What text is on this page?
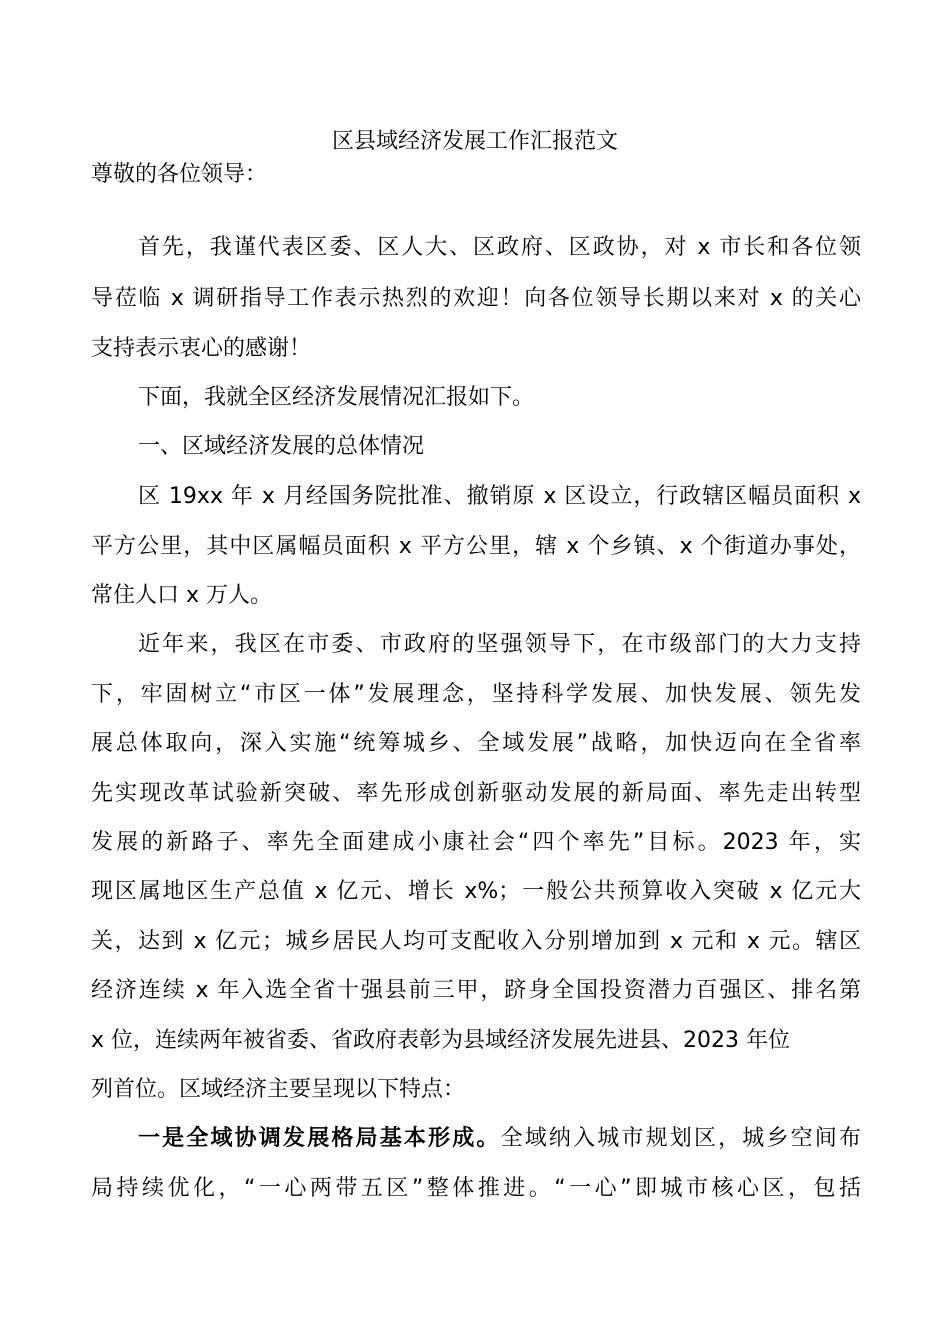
区县域经济发展工作汇报范文
尊敬的各位领导：
首先，我谨代表区委、区人大、区政府、区政协，对 x 市长和各位领
导莅临 x 调研指导工作表示热烈的欢迎！向各位领导长期以来对 x 的关心
支持表示衷心的感谢！
下面，我就全区经济发展情况汇报如下。
一、区域经济发展的总体情况
区 19xx 年 x 月经国务院批准、撤销原 x 区设立，行政辖区幅员面积 x
平方公里，其中区属幅员面积 x 平方公里，辖 x 个乡镇、x 个街道办事处，
常住人口 x 万人。
近年来，我区在市委、市政府的坚强领导下，在市级部门的大力支持
下，牢固树立“市区一体”发展理念，坚持科学发展、加快发展、领先发
展总体取向，深入实施“统筹城乡、全域发展”战略，加快迈向在全省率
先实现改革试验新突破、率先形成创新驱动发展的新局面、率先走出转型
发展的新路子、率先全面建成小康社会“四个率先”目标。2023 年，实
现区属地区生产总值 x 亿元、增长 x%；一般公共预算收入突破 x 亿元大
关，达到 x 亿元；城乡居民人均可支配收入分别增加到 x 元和 x 元。辖区
经济连续 x 年入选全省十强县前三甲，跻身全国投资潜力百强区、排名第
x 位，连续两年被省委、省政府表彰为县域经济发展先进县、2023 年位
列首位。区域经济主要呈现以下特点：
一是全域协调发展格局基本形成。全域纳入城市规划区，城乡空间布
局持续优化，“一心两带五区”整体推进。“一心”即城市核心区，包括
